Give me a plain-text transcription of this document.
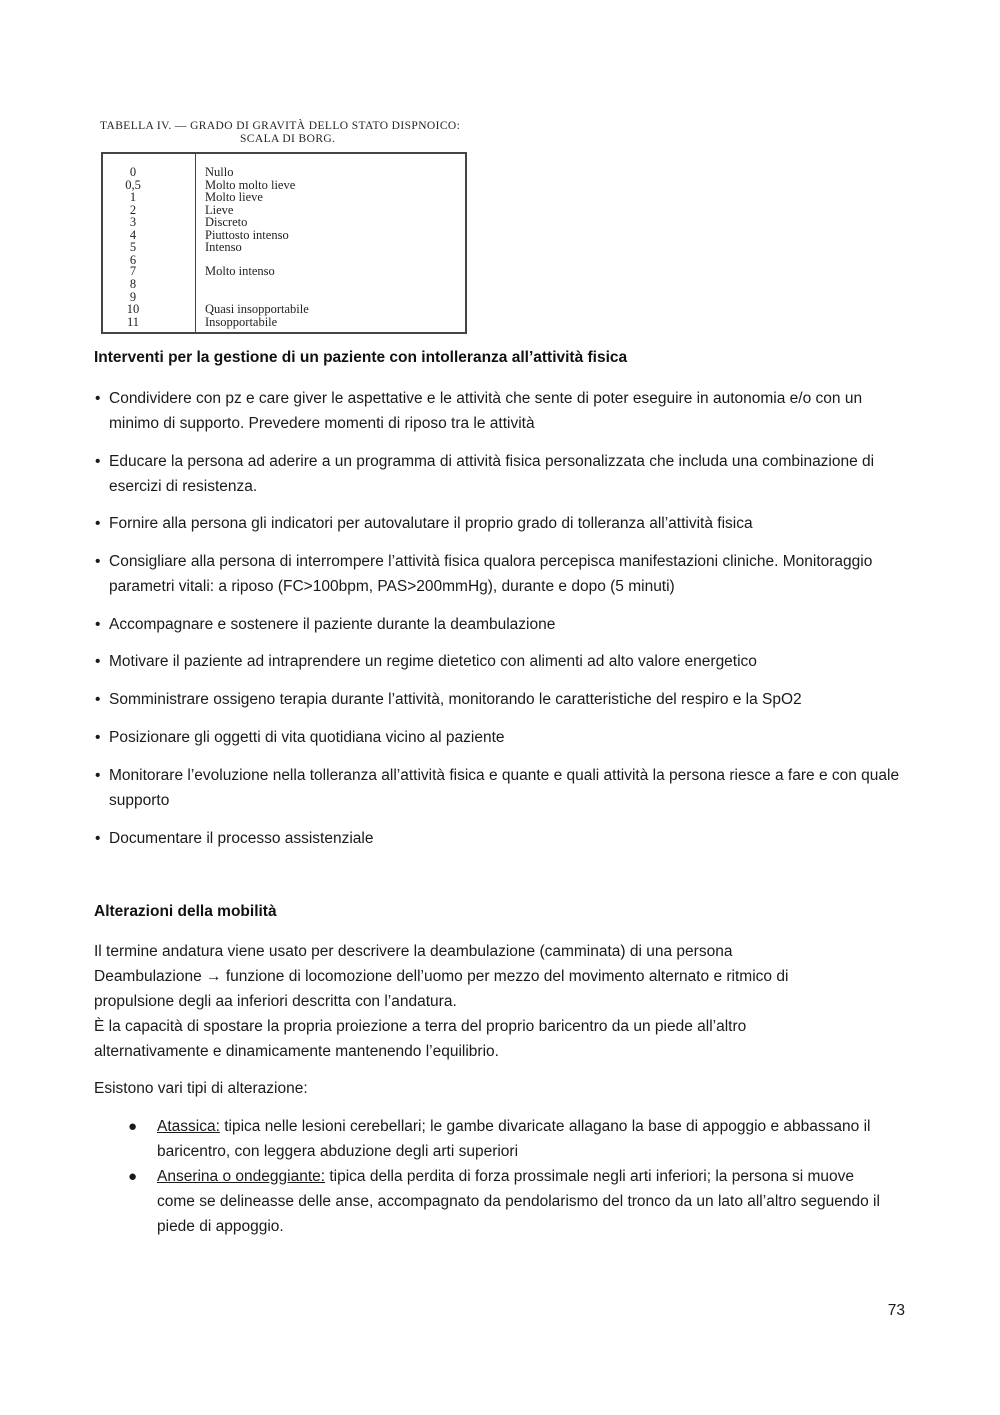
TABELLA IV. — GRADO DI GRAVITÀ DELLO STATO DISPNOICO:
SCALA DI BORG.
0	Nullo
0,5	Molto molto lieve
1	Molto lieve
2	Lieve
3	Discreto
4	Piuttosto intenso
5	Intenso
6
7	Molto intenso
8
9
10	Quasi insopportabile
11	Insopportabile
Interventi per la gestione di un paziente con intolleranza all’attività fisica
• Condividere con pz e care giver le aspettative e le attività che sente di poter eseguire in autonomia e/o con un minimo di supporto. Prevedere momenti di riposo tra le attività
• Educare la persona ad aderire a un programma di attività fisica personalizzata che includa una combinazione di esercizi di resistenza.
• Fornire alla persona gli indicatori per autovalutare il proprio grado di tolleranza all’attività fisica
• Consigliare alla persona di interrompere l’attività fisica qualora percepisca manifestazioni cliniche. Monitoraggio parametri vitali: a riposo (FC>100bpm, PAS>200mmHg), durante e dopo (5 minuti)
• Accompagnare e sostenere il paziente durante la deambulazione
• Motivare il paziente ad intraprendere un regime dietetico con alimenti ad alto valore energetico
• Somministrare ossigeno terapia durante l’attività, monitorando le caratteristiche del respiro e la SpO2
• Posizionare gli oggetti di vita quotidiana vicino al paziente
• Monitorare l’evoluzione nella tolleranza all’attività fisica e quante e quali attività la persona riesce a fare e con quale supporto
• Documentare il processo assistenziale
Alterazioni della mobilità
Il termine andatura viene usato per descrivere la deambulazione (camminata) di una persona
Deambulazione → funzione di locomozione dell’uomo per mezzo del movimento alternato e ritmico di
propulsione degli aa inferiori descritta con l’andatura.
È la capacità di spostare la propria proiezione a terra del proprio baricentro da un piede all’altro
alternativamente e dinamicamente mantenendo l’equilibrio.
Esistono vari tipi di alterazione:
●	Atassica: tipica nelle lesioni cerebellari; le gambe divaricate allagano la base di appoggio e abbassano il baricentro, con leggera abduzione degli arti superiori
●	Anserina o ondeggiante: tipica della perdita di forza prossimale negli arti inferiori; la persona si muove come se delineasse delle anse, accompagnato da pendolarismo del tronco da un lato all’altro seguendo il piede di appoggio.
73
